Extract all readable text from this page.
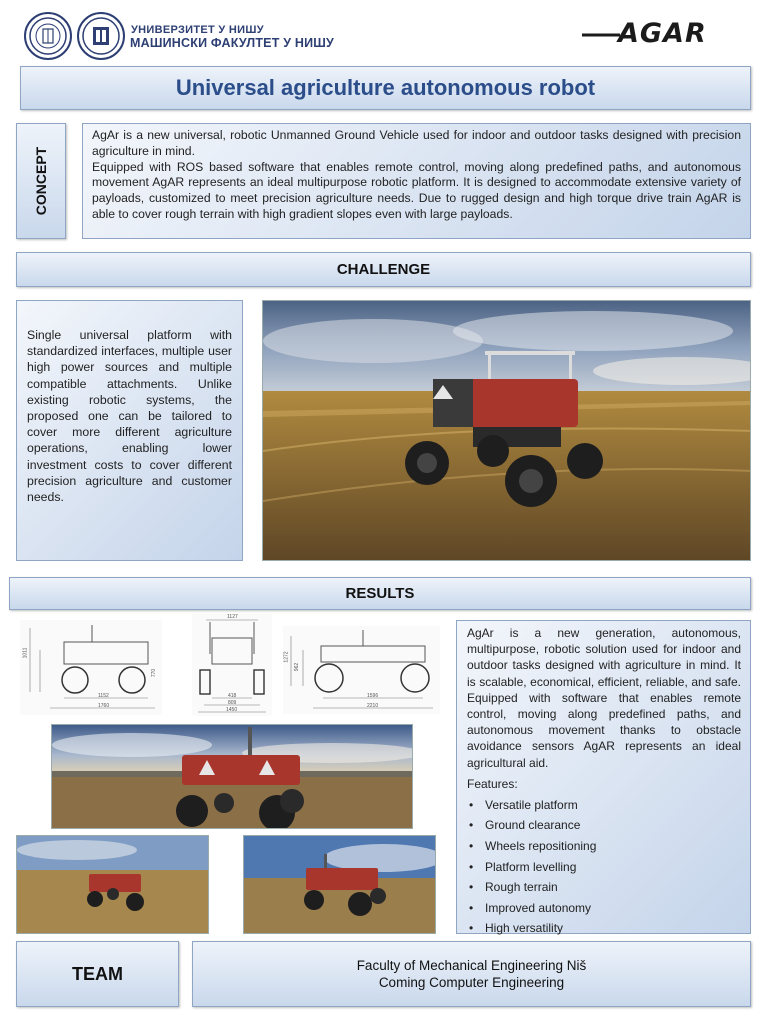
УНИВЕРЗИТЕТ У НИШУ
МАШИНСКИ ФАКУЛТЕТ У НИШУ	AGAR
Universal agriculture autonomous robot
CONCEPT
AgAr is a new universal, robotic Unmanned Ground Vehicle used for indoor and outdoor tasks designed with precision agriculture in mind.
Equipped with ROS based software that enables remote control, moving along predefined paths, and autonomous movement AgAR represents an ideal multipurpose robotic platform. It is designed to accommodate extensive variety of payloads, customized to meet precision agriculture needs. Due to rugged design and high torque drive train AgAR is able to cover rough terrain with high gradient slopes even with large payloads.
CHALLENGE
Single universal platform with standardized interfaces, multiple user high power sources and multiple compatible attachments. Unlike existing robotic systems, the proposed one can be tailored to cover more different agriculture operations, enabling lower investment costs to cover different precision agriculture and customer needs.
RESULTS
1011
770
1152
1760
1127
418
809
1450
1272
962
1596
2210
AgAr is a new generation, autonomous, multipurpose, robotic solution used for indoor and outdoor tasks designed with agriculture in mind. It is scalable, economical, efficient, reliable, and safe. Equipped with software that enables remote control, moving along predefined paths, and autonomous movement thanks to obstacle avoidance sensors AgAR represents an ideal agricultural aid.
Features:
• Versatile platform
• Ground clearance
• Wheels repositioning
• Platform levelling
• Rough terrain
• Improved autonomy
• High versatility
TEAM	Faculty of Mechanical Engineering Niš
Coming Computer Engineering
